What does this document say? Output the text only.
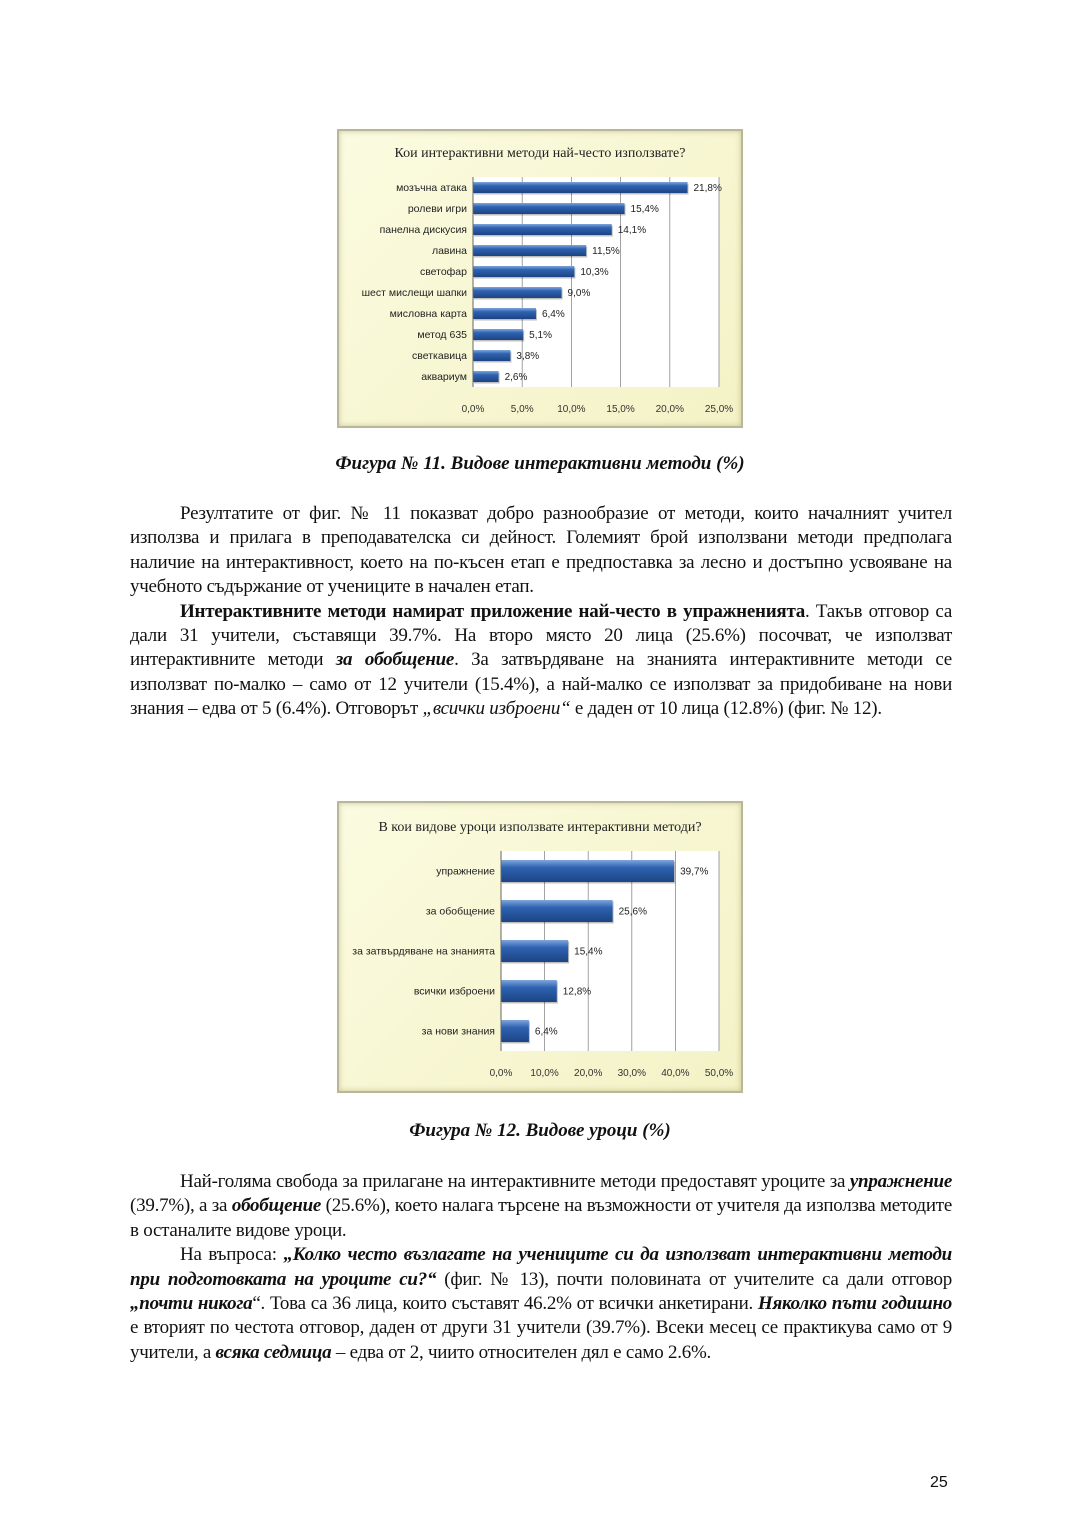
Кои интерактивни методи най-често използвате?
0,0%	5,0% 10,0% 15,0% 20,0% 25,0%
мозъчна атака	21,8%
ролеви игри	15,4%
панелна дискусия	14,1%
лавина	11,5%
светофар	10,3%
шест мислещи шапки	9,0%
мисловна карта	6,4%
метод 635	5,1%
светкавица	3,8%
аквариум	2,6%
Фигура № 11. Видове интерактивни методи (%)

Резултатите от фиг. № 11 показват добро разнообразие от методи, които началният учител използва и прилага в преподавателска си дейност. Големият брой използвани методи предполага наличие на интерактивност, което на по-късен етап е предпоставка за лесно и достъпно усвояване на учебното съдържание от учениците в начален етап.

Интерактивните методи намират приложение най-често в упражненията. Такъв отговор са дали 31 учители, съставящи 39.7%. На второ място 20 лица (25.6%) посочват, че използват интерактивните методи за обобщение. За затвърдяване на знанията интерактивните методи се използват по-малко – само от 12 учители (15.4%), а най-малко се използват за придобиване на нови знания – едва от 5 (6.4%). Отговорът „всички изброени“ е даден от 10 лица (12.8%) (фиг. № 12).

В кои видове уроци използвате интерактивни методи?
0,0% 10,0% 20,0% 30,0% 40,0% 50,0%
упражнение	39,7%
за обобщение	25,6%
за затвърдяване на знанията	15,4%
всички изброени	12,8%
за нови знания	6,4%
Фигура № 12. Видове уроци (%)

Най-голяма свобода за прилагане на интерактивните методи предоставят уроците за упражнение (39.7%), а за обобщение (25.6%), което налага търсене на възможности от учителя да използва методите в останалите видове уроци.

На въпроса: „Колко често възлагате на учениците си да използват интерактивни методи при подготовката на уроците си?“ (фиг. № 13), почти половината от учителите са дали отговор „почти никога“. Това са 36 лица, които съставят 46.2% от всички анкетирани. Няколко пъти годишно е вторият по честота отговор, даден от други 31 учители (39.7%). Всеки месец се практикува само от 9 учители, а всяка седмица – едва от 2, чиито относителен дял е само 2.6%.

25
